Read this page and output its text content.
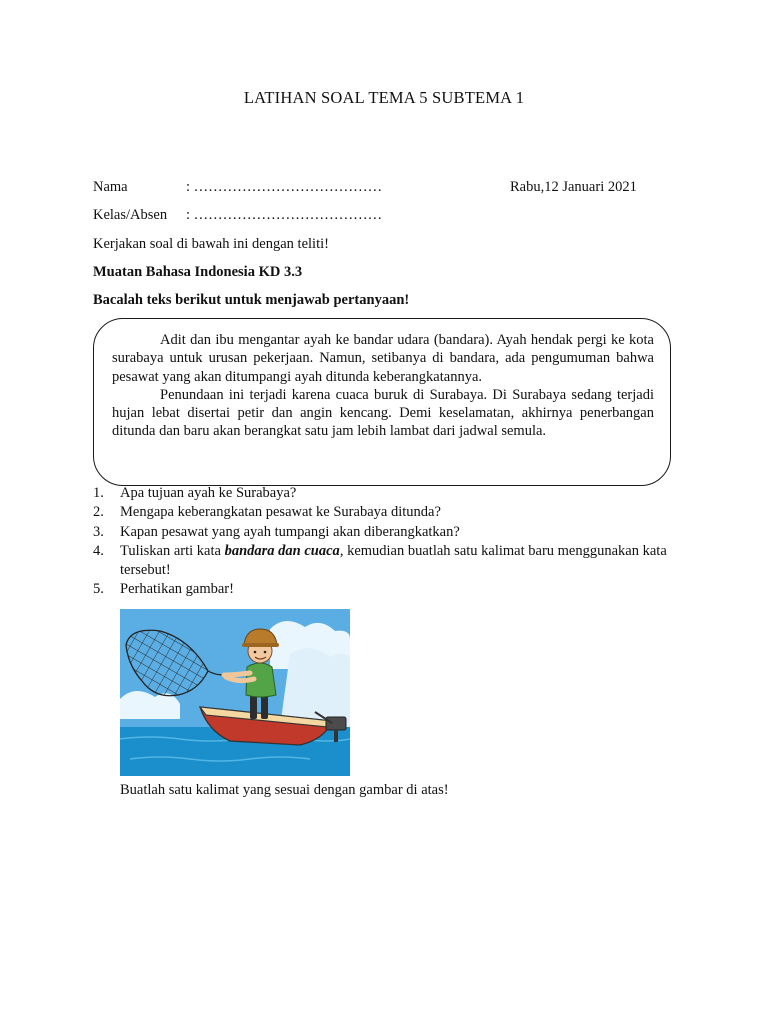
LATIHAN SOAL TEMA 5 SUBTEMA 1
Nama	: …………………………………	Rabu,12 Januari 2021
Kelas/Absen : …………………………………
Kerjakan soal di bawah ini dengan teliti!
Muatan Bahasa Indonesia KD 3.3
Bacalah teks berikut untuk menjawab pertanyaan!

Adit dan ibu mengantar ayah ke bandar udara (bandara). Ayah hendak pergi ke kota surabaya untuk urusan pekerjaan. Namun, setibanya di bandara, ada pengumuman bahwa pesawat yang akan ditumpangi ayah ditunda keberangkatannya.

Penundaan ini terjadi karena cuaca buruk di Surabaya. Di Surabaya sedang terjadi hujan lebat disertai petir dan angin kencang. Demi keselamatan, akhirnya penerbangan ditunda dan baru akan berangkat satu jam lebih lambat dari jadwal semula.

1. Apa tujuan ayah ke Surabaya?
2. Mengapa keberangkatan pesawat ke Surabaya ditunda?
3. Kapan pesawat yang ayah tumpangi akan diberangkatkan?
4. Tuliskan arti kata bandara dan cuaca, kemudian buatlah satu kalimat baru menggunakan kata tersebut!
5. Perhatikan gambar!
Buatlah satu kalimat yang sesuai dengan gambar di atas!
